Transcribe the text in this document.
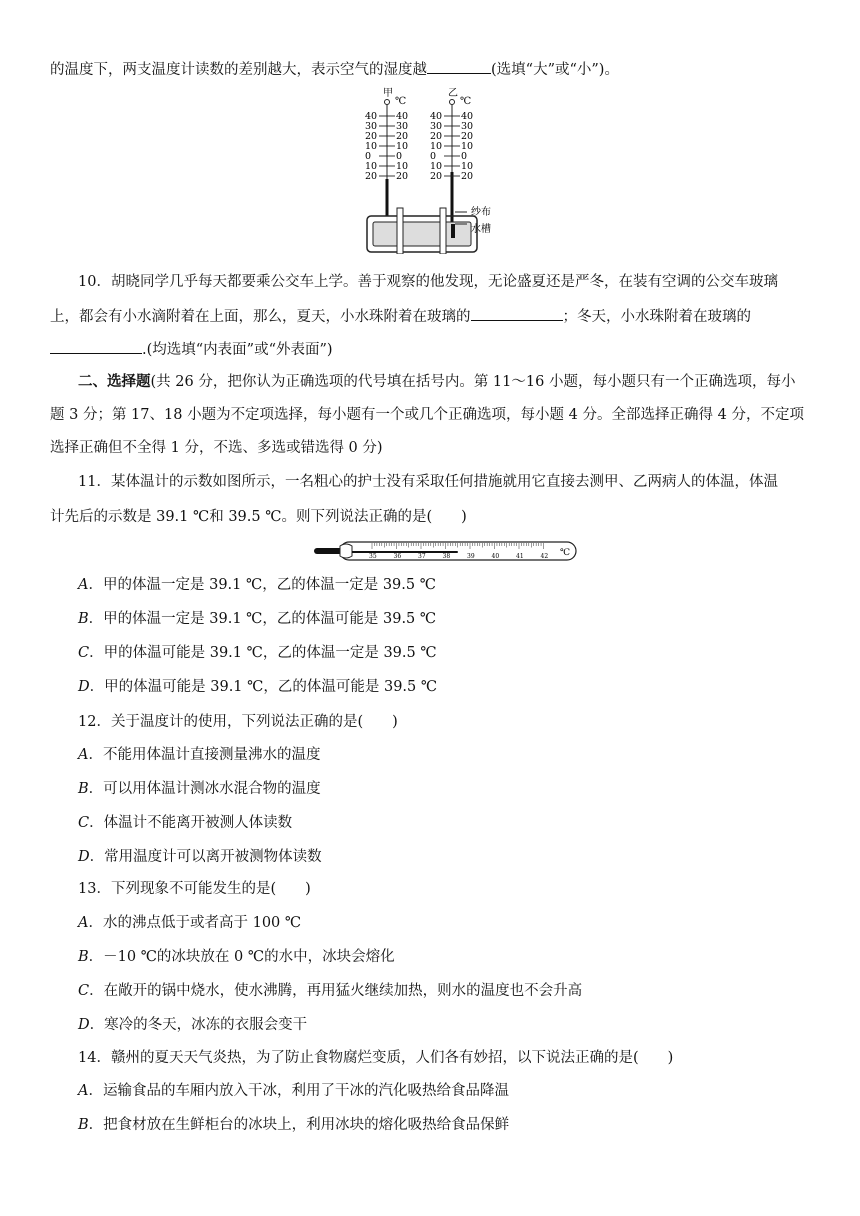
的温度下，两支温度计读数的差别越大，表示空气的湿度越	(选填“大”或“小”)。
甲
℃
乙
℃
40 40
30 30
20 20
10 10
0	0
10 10
20 20
40 40
30 30
20 20
10 10
0	0
10 10
20 20
纱布
水槽
10．胡晓同学几乎每天都要乘公交车上学。善于观察的他发现，无论盛夏还是严冬，在装有空调的公交车玻璃
上，都会有小水滴附着在上面，那么，夏天，小水珠附着在玻璃的	；冬天，小水珠附着在玻璃的
.(均选填“内表面”或“外表面”)
二、选择题(共 26 分，把你认为正确选项的代号填在括号内。第 11～16 小题，每小题只有一个正确选项，每小
题 3 分；第 17、18 小题为不定项选择，每小题有一个或几个正确选项，每小题 4 分。全部选择正确得 4 分，不定项
选择正确但不全得 1 分，不选、多选或错选得 0 分)
11．某体温计的示数如图所示，一名粗心的护士没有采取任何措施就用它直接去测甲、乙两病人的体温，体温
计先后的示数是 39.1 ℃和 39.5 ℃。则下列说法正确的是(　　)
35	36	37	38	39	40	41	42 ℃
A．甲的体温一定是 39.1 ℃，乙的体温一定是 39.5 ℃
B．甲的体温一定是 39.1 ℃，乙的体温可能是 39.5 ℃
C．甲的体温可能是 39.1 ℃，乙的体温一定是 39.5 ℃
D．甲的体温可能是 39.1 ℃，乙的体温可能是 39.5 ℃
12．关于温度计的使用，下列说法正确的是(　　)
A．不能用体温计直接测量沸水的温度
B．可以用体温计测冰水混合物的温度
C．体温计不能离开被测人体读数
D．常用温度计可以离开被测物体读数
13．下列现象不可能发生的是(　　)
A．水的沸点低于或者高于 100 ℃
B．－10 ℃的冰块放在 0 ℃的水中，冰块会熔化
C．在敞开的锅中烧水，使水沸腾，再用猛火继续加热，则水的温度也不会升高
D．寒冷的冬天，冰冻的衣服会变干
14．赣州的夏天天气炎热，为了防止食物腐烂变质，人们各有妙招，以下说法正确的是(　　)
A．运输食品的车厢内放入干冰，利用了干冰的汽化吸热给食品降温
B．把食材放在生鲜柜台的冰块上，利用冰块的熔化吸热给食品保鲜
